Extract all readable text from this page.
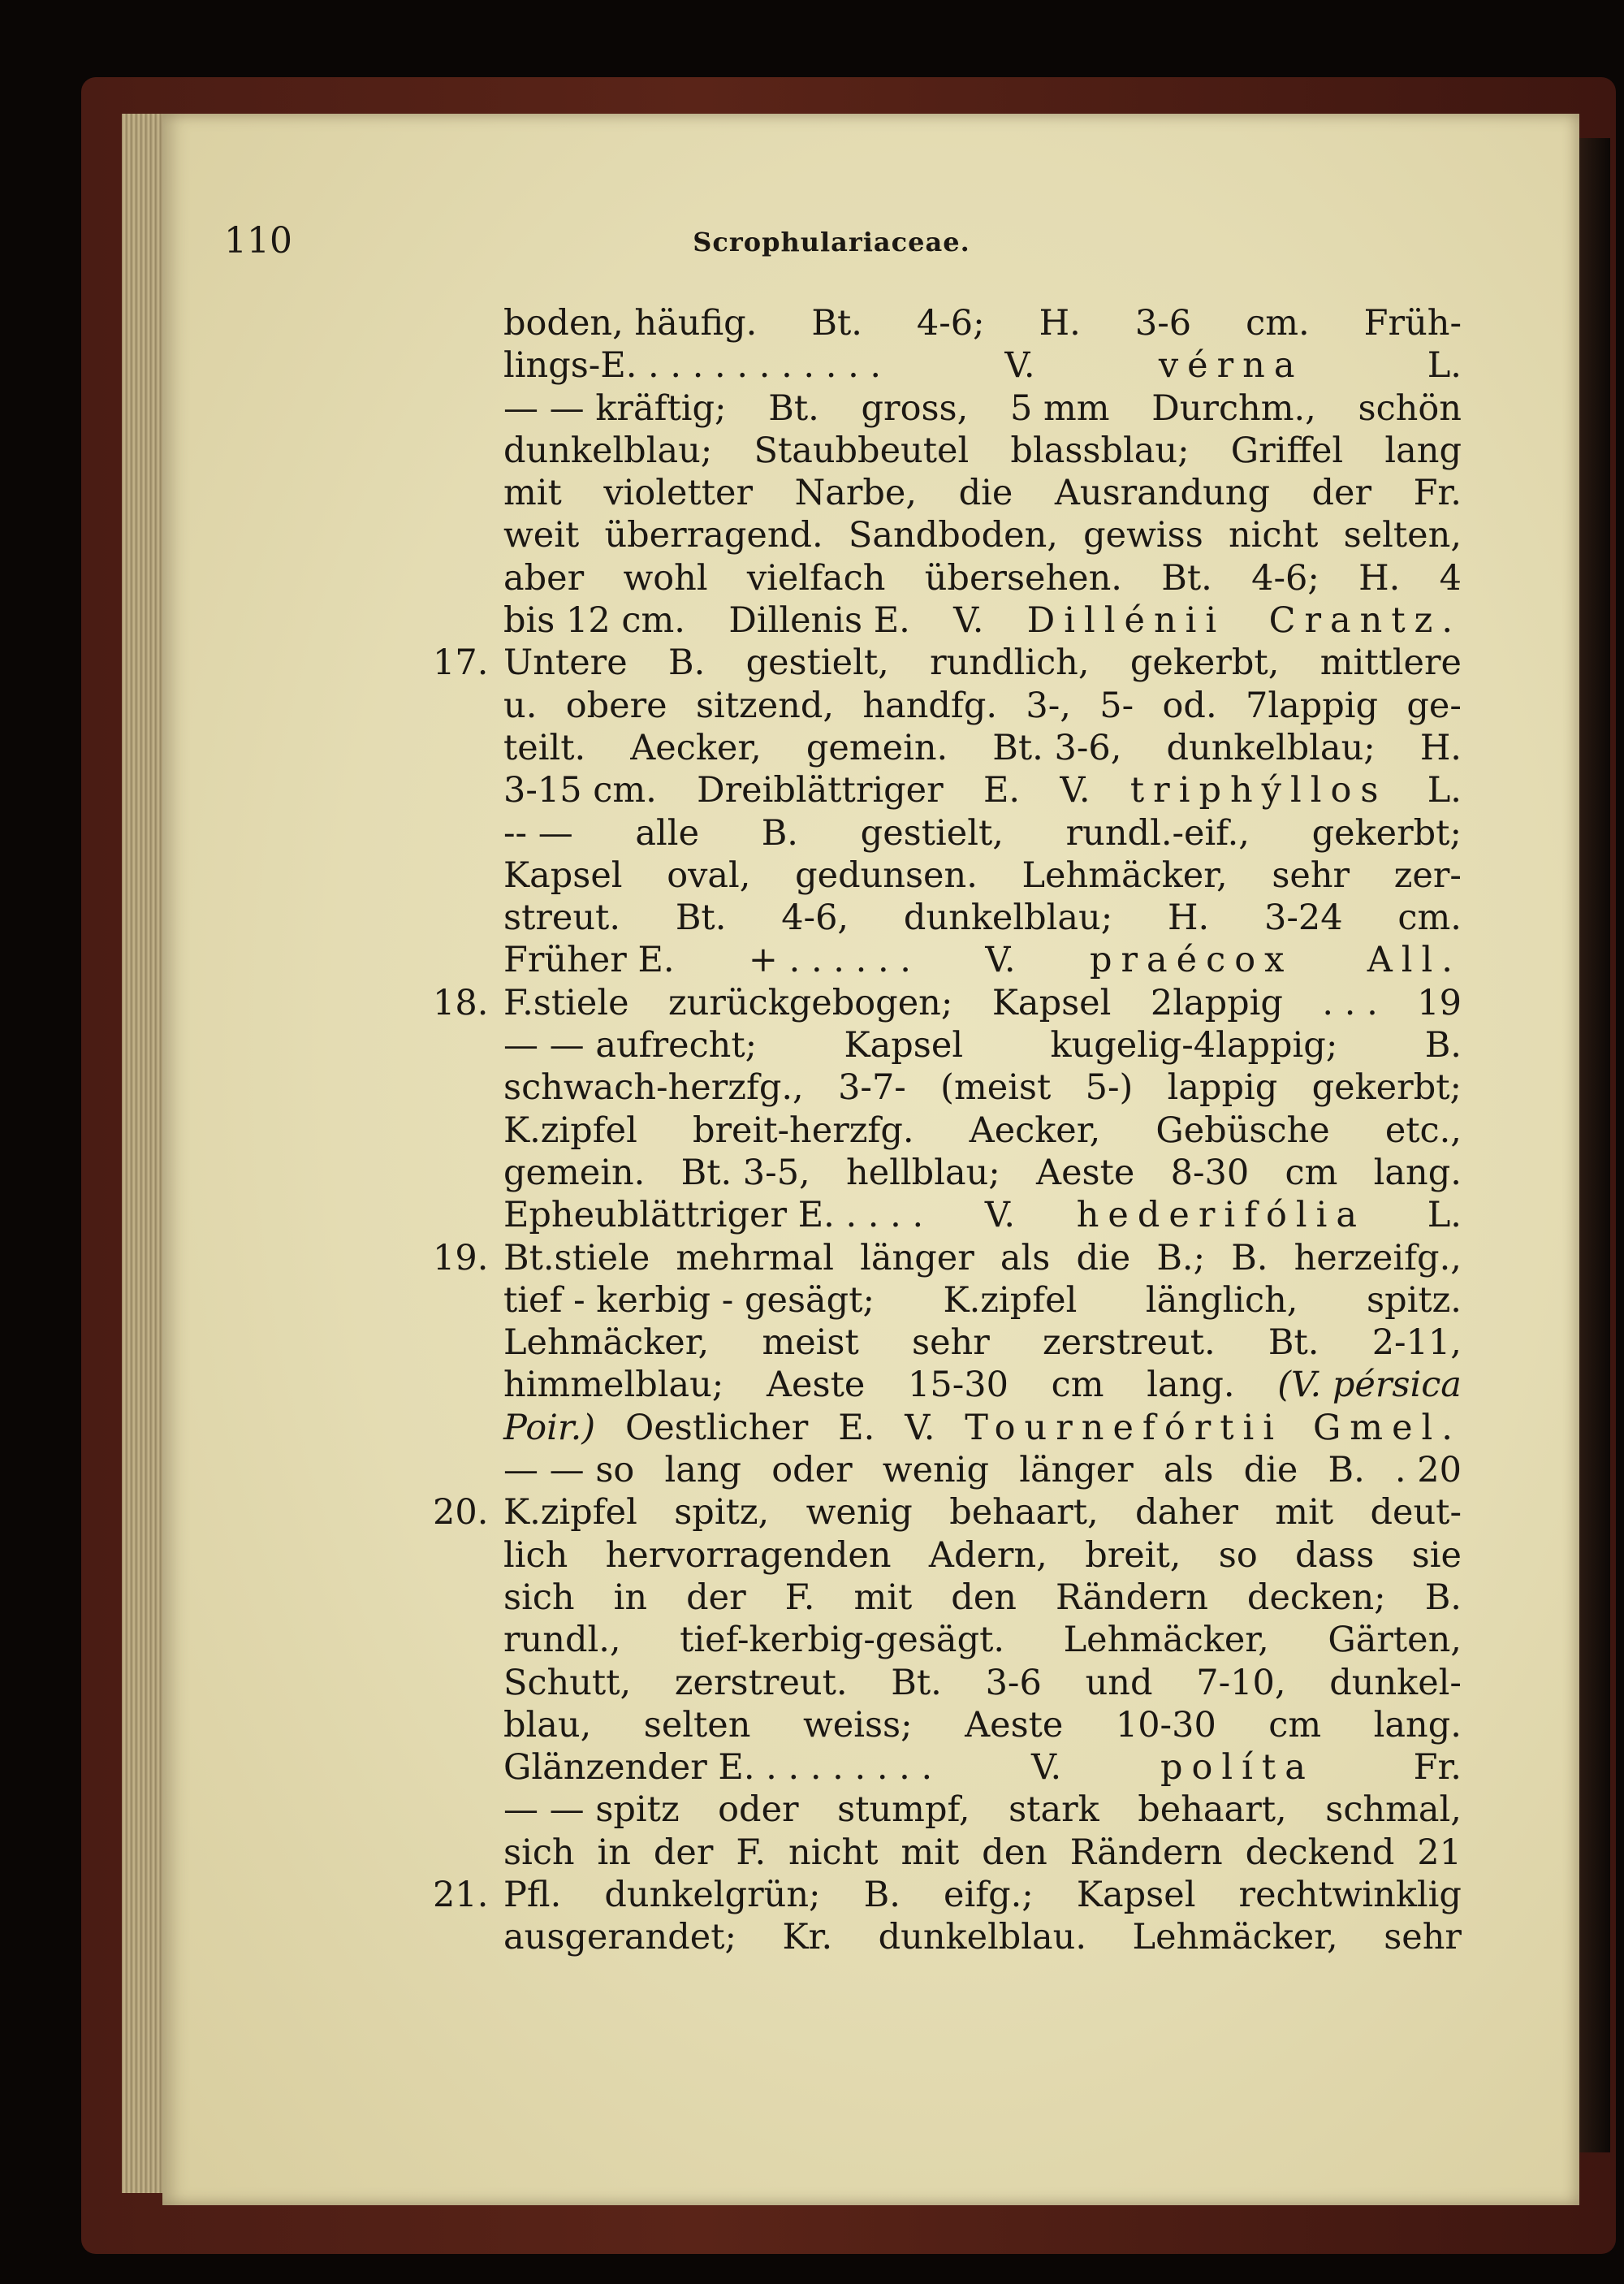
110	Scrophulariaceae.
boden, häufig. Bt. 4-6; H. 3-6 cm. Früh-
lings-E. . . . . . . . . . . .	V.	vérna	L.
— — kräftig; Bt. gross, 5 mm Durchm., schön
dunkelblau; Staubbeutel blassblau; Griffel lang
mit violetter Narbe, die Ausrandung der Fr.
weit überragend. Sandboden, gewiss nicht selten,
aber wohl vielfach übersehen. Bt. 4-6; H. 4
bis 12 cm. Dillenis E. V. Dillénii Crantz.
17. Untere B. gestielt, rundlich, gekerbt, mittlere
u. obere sitzend, handfg. 3-, 5- od. 7lappig ge-
teilt. Aecker, gemein. Bt. 3-6, dunkelblau; H.
3-15 cm. Dreiblättriger E. V. triphýllos L.
-- — alle B. gestielt, rundl.-eif., gekerbt;
Kapsel oval, gedunsen. Lehmäcker, sehr zer-
streut. Bt. 4-6, dunkelblau; H. 3-24 cm.
Früher E. + . . . . . . V. praécox All.
18. F.stiele zurückgebogen; Kapsel 2lappig . . . 19
— — aufrecht; Kapsel kugelig-4lappig; B.
schwach-herzfg., 3-7- (meist 5-) lappig gekerbt;
K.zipfel breit-herzfg. Aecker, Gebüsche etc.,
gemein. Bt. 3-5, hellblau; Aeste 8-30 cm lang.
Epheublättriger E. . . . . V. hederifólia L.
19. Bt.stiele mehrmal länger als die B.; B. herzeifg.,
tief - kerbig - gesägt; K.zipfel länglich, spitz.
Lehmäcker, meist sehr zerstreut. Bt. 2-11,
himmelblau; Aeste 15-30 cm lang. (V. pérsica
Poir.) Oestlicher E. V. Tournefórtii Gmel.
— — so lang oder wenig länger als die B. . 20
20. K.zipfel spitz, wenig behaart, daher mit deut-
lich hervorragenden Adern, breit, so dass sie
sich in der F. mit den Rändern decken; B.
rundl., tief-kerbig-gesägt. Lehmäcker, Gärten,
Schutt, zerstreut. Bt. 3-6 und 7-10, dunkel-
blau, selten weiss; Aeste 10-30 cm lang.
Glänzender E. . . . . . . . .	V.	políta	Fr.
— — spitz oder stumpf, stark behaart, schmal,
sich in der F. nicht mit den Rändern deckend 21
21. Pfl. dunkelgrün; B. eifg.; Kapsel rechtwinklig
ausgerandet; Kr. dunkelblau. Lehmäcker, sehr
